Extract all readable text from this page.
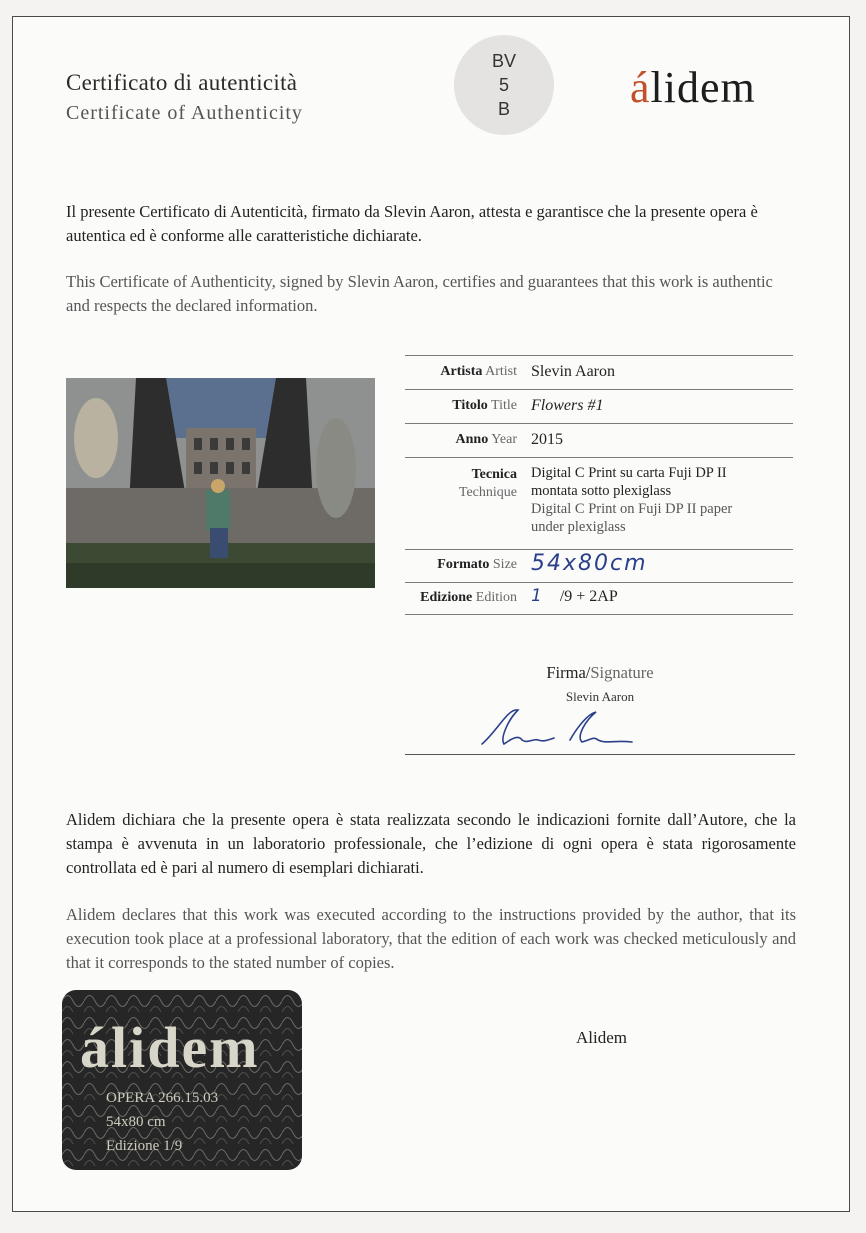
Certificato di autenticità
Certificate of Authenticity
BV
5
B	álidem
Il presente Certificato di Autenticità, firmato da Slevin Aaron, attesta e garantisce che la presente opera è autentica ed è conforme alle caratteristiche dichiarate.
This Certificate of Authenticity, signed by Slevin Aaron, certifies and guarantees that this work is authentic and respects the declared information.
Artista Artist Slevin Aaron
Titolo Title Flowers #1
Anno Year 2015
Tecnica
Technique
Digital C Print su carta Fuji DP II
montata sotto plexiglass
Digital C Print on Fuji DP II paper
under plexiglass
Formato Size 54x80cm
Edizione Edition 1 /9 + 2AP
Firma/Signature
Slevin Aaron
Alidem dichiara che la presente opera è stata realizzata secondo le indicazioni fornite dall’Autore, che la stampa è avvenuta in un laboratorio professionale, che l’edizione di ogni opera è stata rigorosamente controllata ed è pari al numero di esemplari dichiarati.
Alidem declares that this work was executed according to the instructions provided by the author, that its execution took place at a professional laboratory, that the edition of each work was checked meticulously and that it corresponds to the stated number of copies.
álidem
OPERA 266.15.03
54x80 cm
Edizione 1/9
Alidem
